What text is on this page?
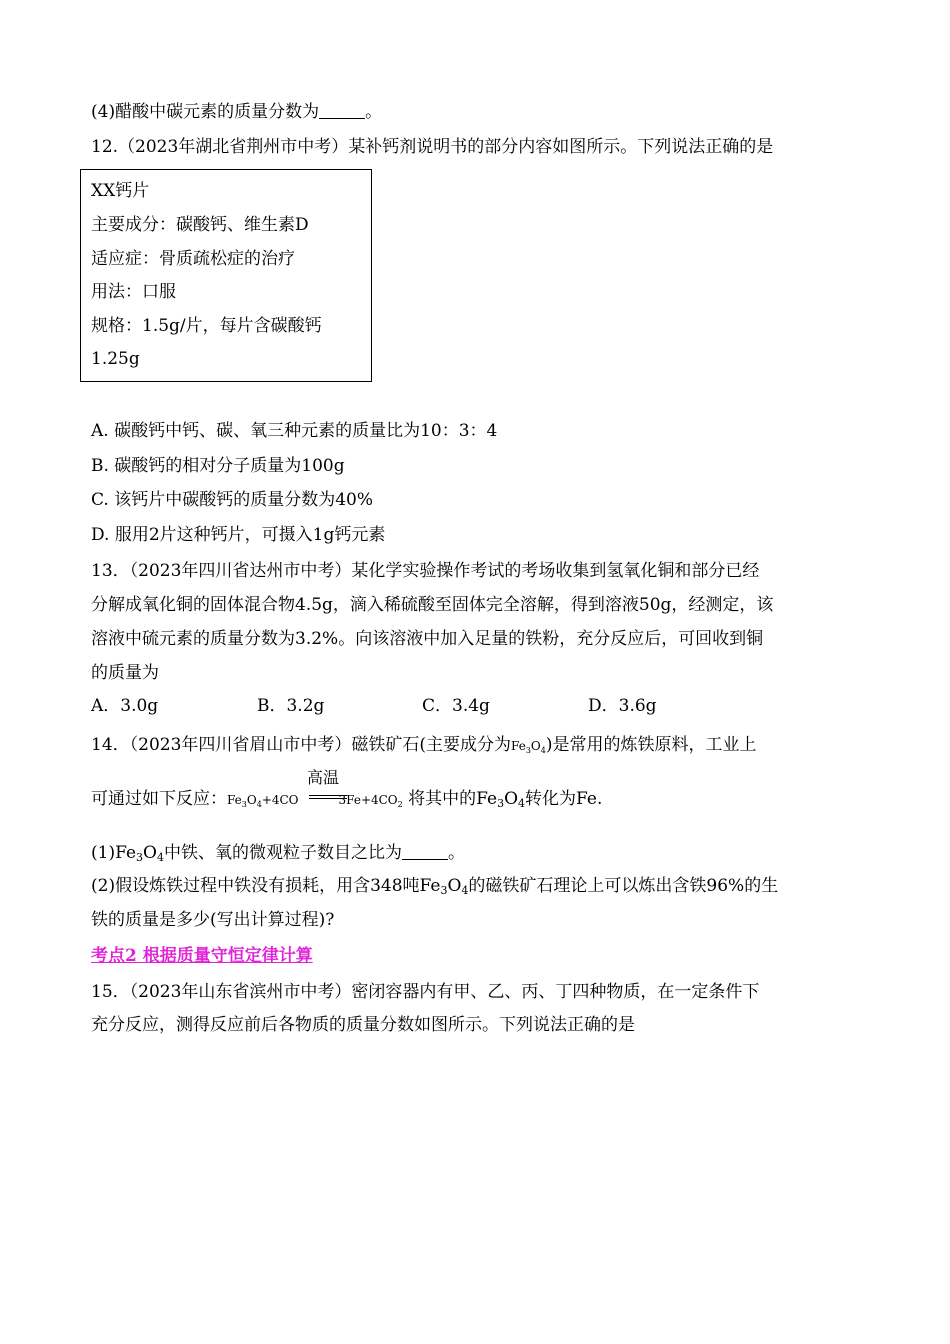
(4)醋酸中碳元素的质量分数为	。
12.（2023年湖北省荆州市中考）某补钙剂说明书的部分内容如图所示。下列说法正确的是
XX钙片
主要成分：碳酸钙、维生素D
适应症：骨质疏松症的治疗
用法：口服
规格：1.5g/片，每片含碳酸钙
1.25g
A. 碳酸钙中钙、碳、氧三种元素的质量比为10：3：4
B. 碳酸钙的相对分子质量为100g
C. 该钙片中碳酸钙的质量分数为40%
D. 服用2片这种钙片，可摄入1g钙元素
13．（2023年四川省达州市中考）某化学实验操作考试的考场收集到氢氧化铜和部分已经
分解成氧化铜的固体混合物4.5g，滴入稀硫酸至固体完全溶解，得到溶液50g，经测定，该
溶液中硫元素的质量分数为3.2%。向该溶液中加入足量的铁粉，充分反应后，可回收到铜
的质量为
A．3.0g	B．3.2g	C．3.4g	D．3.6g
14．（2023年四川省眉山市中考）磁铁矿石(主要成分为$Fe_3O_4$)是常用的炼铁原料，工业上
可通过如下反应：$Fe_3O_4+4CO$
高温
$3Fe+4CO_2$ 将其中的$Fe_3O_4$转化为Fe.
$(1)Fe_3O_4$中铁、氧的微观粒子数目之比为	。
(2)假设炼铁过程中铁没有损耗，用含348吨$Fe_3O_4$的磁铁矿石理论上可以炼出含铁96%的生
铁的质量是多少(写出计算过程)?
考点2 根据质量守恒定律计算
15．（2023年山东省滨州市中考）密闭容器内有甲、乙、丙、丁四种物质，在一定条件下
充分反应，测得反应前后各物质的质量分数如图所示。下列说法正确的是
